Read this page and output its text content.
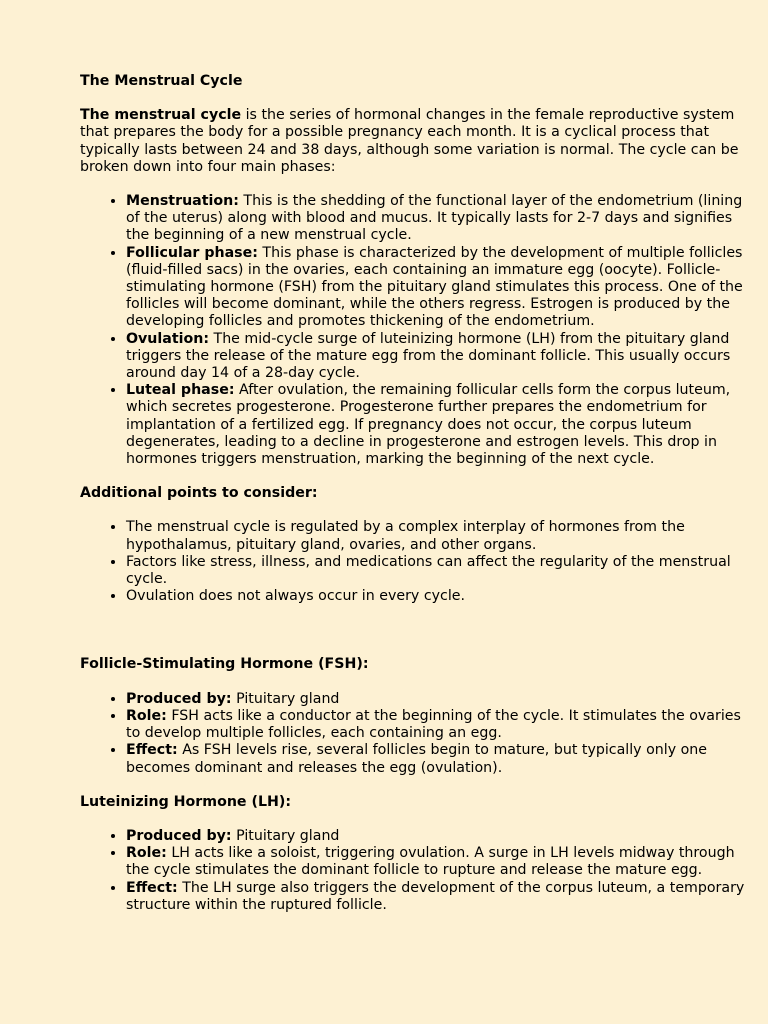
The Menstrual Cycle

The menstrual cycle is the series of hormonal changes in the female reproductive system that prepares the body for a possible pregnancy each month. It is a cyclical process that typically lasts between 24 and 38 days, although some variation is normal. The cycle can be broken down into four main phases:

• Menstruation: This is the shedding of the functional layer of the endometrium (lining of the uterus) along with blood and mucus. It typically lasts for 2-7 days and signifies the beginning of a new menstrual cycle.
• Follicular phase: This phase is characterized by the development of multiple follicles (fluid-filled sacs) in the ovaries, each containing an immature egg (oocyte). Follicle-stimulating hormone (FSH) from the pituitary gland stimulates this process. One of the follicles will become dominant, while the others regress. Estrogen is produced by the developing follicles and promotes thickening of the endometrium.
• Ovulation: The mid-cycle surge of luteinizing hormone (LH) from the pituitary gland triggers the release of the mature egg from the dominant follicle. This usually occurs around day 14 of a 28-day cycle.
• Luteal phase: After ovulation, the remaining follicular cells form the corpus luteum, which secretes progesterone. Progesterone further prepares the endometrium for implantation of a fertilized egg. If pregnancy does not occur, the corpus luteum degenerates, leading to a decline in progesterone and estrogen levels. This drop in hormones triggers menstruation, marking the beginning of the next cycle.
Additional points to consider:
• The menstrual cycle is regulated by a complex interplay of hormones from the hypothalamus, pituitary gland, ovaries, and other organs.
• Factors like stress, illness, and medications can affect the regularity of the menstrual cycle.
• Ovulation does not always occur in every cycle.
Follicle-Stimulating Hormone (FSH):
• Produced by: Pituitary gland
• Role: FSH acts like a conductor at the beginning of the cycle. It stimulates the ovaries to develop multiple follicles, each containing an egg.
• Effect: As FSH levels rise, several follicles begin to mature, but typically only one becomes dominant and releases the egg (ovulation).
Luteinizing Hormone (LH):
• Produced by: Pituitary gland
• Role: LH acts like a soloist, triggering ovulation. A surge in LH levels midway through the cycle stimulates the dominant follicle to rupture and release the mature egg.
• Effect: The LH surge also triggers the development of the corpus luteum, a temporary structure within the ruptured follicle.
